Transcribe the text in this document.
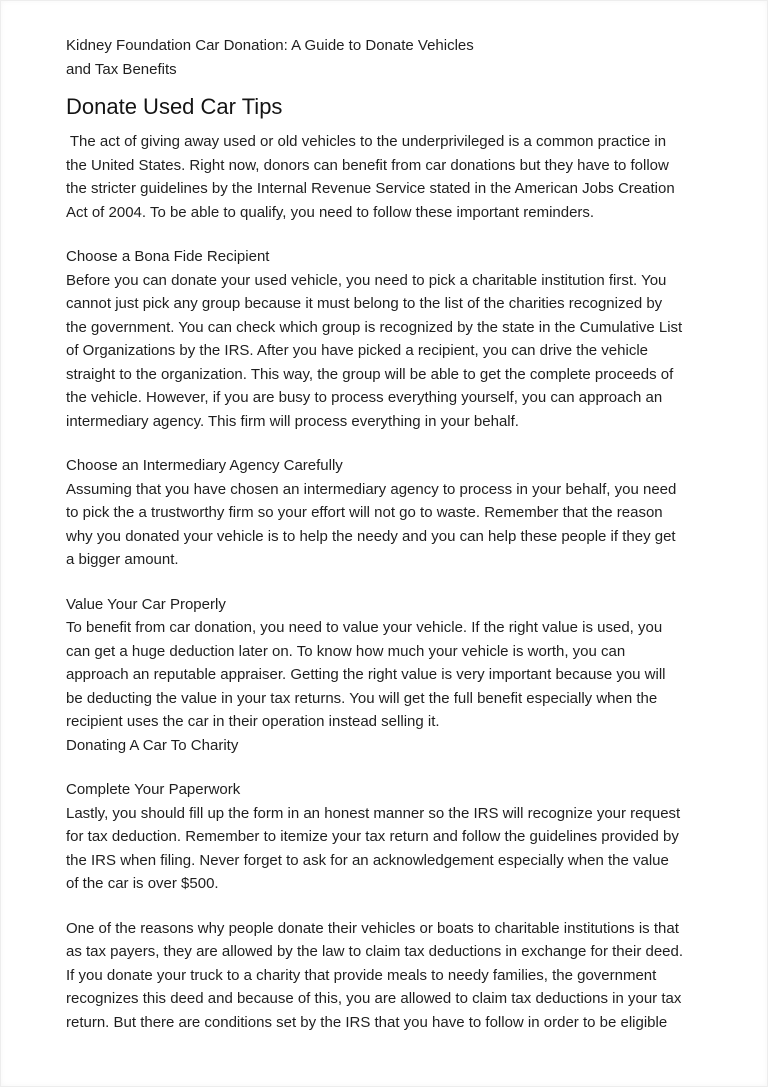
Kidney Foundation Car Donation: A Guide to Donate Vehicles
and Tax Benefits
Donate Used Car Tips
The act of giving away used or old vehicles to the underprivileged is a common practice in
the United States. Right now, donors can benefit from car donations but they have to follow
the stricter guidelines by the Internal Revenue Service stated in the American Jobs Creation
Act of 2004. To be able to qualify, you need to follow these important reminders.
Choose a Bona Fide Recipient
Before you can donate your used vehicle, you need to pick a charitable institution first. You
cannot just pick any group because it must belong to the list of the charities recognized by
the government. You can check which group is recognized by the state in the Cumulative List
of Organizations by the IRS. After you have picked a recipient, you can drive the vehicle
straight to the organization. This way, the group will be able to get the complete proceeds of
the vehicle. However, if you are busy to process everything yourself, you can approach an
intermediary agency. This firm will process everything in your behalf.
Choose an Intermediary Agency Carefully
Assuming that you have chosen an intermediary agency to process in your behalf, you need
to pick the a trustworthy firm so your effort will not go to waste. Remember that the reason
why you donated your vehicle is to help the needy and you can help these people if they get
a bigger amount.
Value Your Car Properly
To benefit from car donation, you need to value your vehicle. If the right value is used, you
can get a huge deduction later on. To know how much your vehicle is worth, you can
approach an reputable appraiser. Getting the right value is very important because you will
be deducting the value in your tax returns. You will get the full benefit especially when the
recipient uses the car in their operation instead selling it.
Donating A Car To Charity
Complete Your Paperwork
Lastly, you should fill up the form in an honest manner so the IRS will recognize your request
for tax deduction. Remember to itemize your tax return and follow the guidelines provided by
the IRS when filing. Never forget to ask for an acknowledgement especially when the value
of the car is over $500.
One of the reasons why people donate their vehicles or boats to charitable institutions is that
as tax payers, they are allowed by the law to claim tax deductions in exchange for their deed.
If you donate your truck to a charity that provide meals to needy families, the government
recognizes this deed and because of this, you are allowed to claim tax deductions in your tax
return. But there are conditions set by the IRS that you have to follow in order to be eligible
